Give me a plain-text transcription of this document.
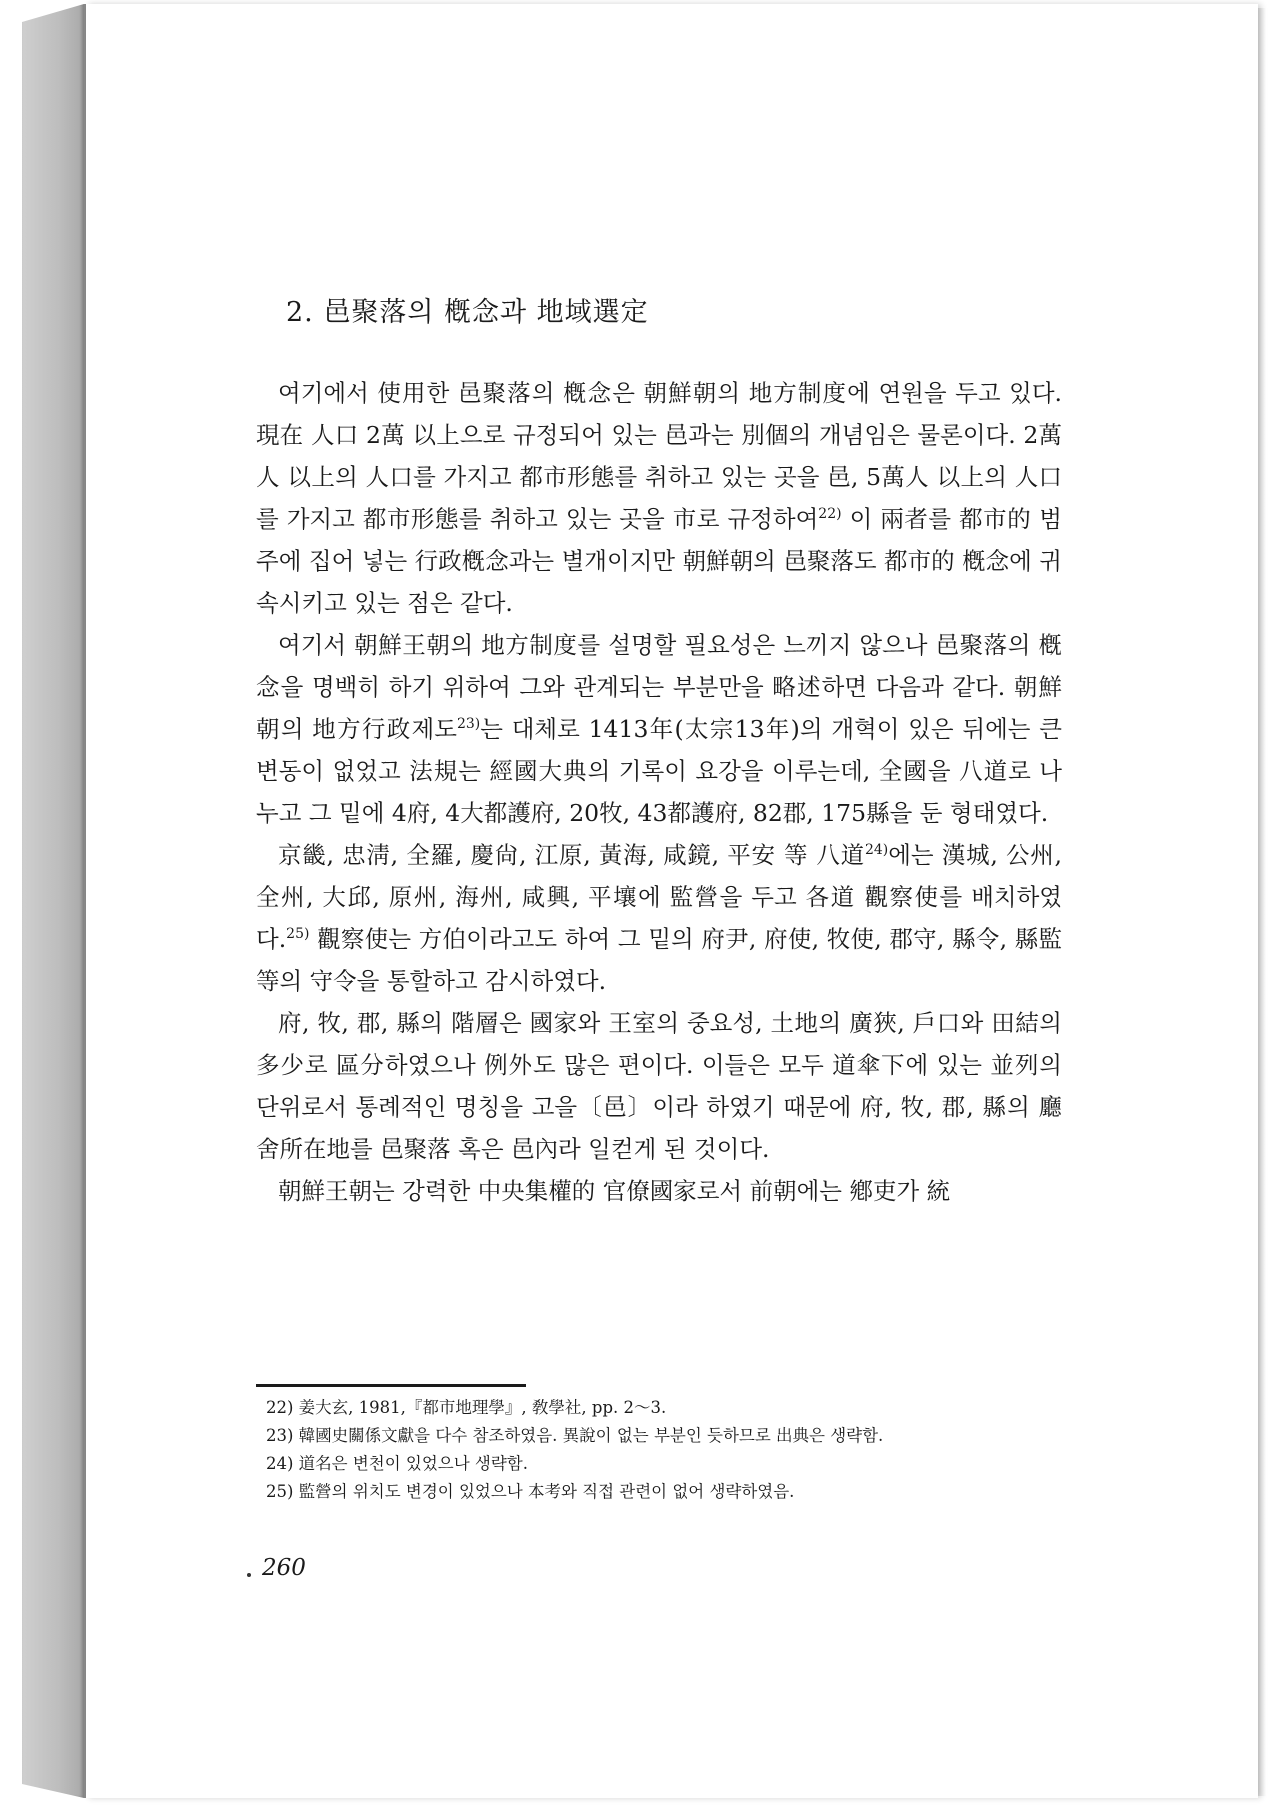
2. 邑聚落의 槪念과 地域選定

여기에서 使用한 邑聚落의 槪念은 朝鮮朝의 地方制度에 연원을 두고 있다. 現在 人口 2萬 以上으로 규정되어 있는 邑과는 別個의 개념임은 물론이다. 2萬人 以上의 人口를 가지고 都市形態를 취하고 있는 곳을 邑, 5萬人 以上의 人口를 가지고 都市形態를 취하고 있는 곳을 市로 규정하여$^{22)}$ 이 兩者를 都市的 범주에 집어 넣는 行政槪念과는 별개이지만 朝鮮朝의 邑聚落도 都市的 槪念에 귀속시키고 있는 점은 같다.

여기서 朝鮮王朝의 地方制度를 설명할 필요성은 느끼지 않으나 邑聚落의 槪念을 명백히 하기 위하여 그와 관계되는 부분만을 略述하면 다음과 같다. 朝鮮朝의 地方行政제도$^{23)}$는 대체로 1413年(太宗13年)의 개혁이 있은 뒤에는 큰 변동이 없었고 法規는 經國大典의 기록이 요강을 이루는데, 全國을 八道로 나누고 그 밑에 4府, 4大都護府, 20牧, 43都護府, 82郡, 175縣을 둔 형태였다.

京畿, 忠淸, 全羅, 慶尙, 江原, 黃海, 咸鏡, 平安 等 八道$^{24)}$에는 漢城, 公州, 全州, 大邱, 原州, 海州, 咸興, 平壤에 監營을 두고 各道 觀察使를 배치하였다.$^{25)}$ 觀察使는 方伯이라고도 하여 그 밑의 府尹, 府使, 牧使, 郡守, 縣令, 縣監 等의 守令을 통할하고 감시하였다.

府, 牧, 郡, 縣의 階層은 國家와 王室의 중요성, 土地의 廣狹, 戶口와 田結의 多少로 區分하였으나 例外도 많은 편이다. 이들은 모두 道傘下에 있는 並列의 단위로서 통례적인 명칭을 고을〔邑〕이라 하였기 때문에 府, 牧, 郡, 縣의 廳舍所在地를 邑聚落 혹은 邑內라 일컫게 된 것이다.

朝鮮王朝는 강력한 中央集權的 官僚國家로서 前朝에는 鄕吏가 統

22) 姜大玄, 1981,『都市地理學』, 敎學社, pp. 2〜3.

23) 韓國史關係文獻을 다수 참조하였음. 異說이 없는 부분인 듯하므로 出典은 생략함.

24) 道名은 변천이 있었으나 생략함.

25) 監營의 위치도 변경이 있었으나 本考와 직접 관련이 없어 생략하였음.

260
